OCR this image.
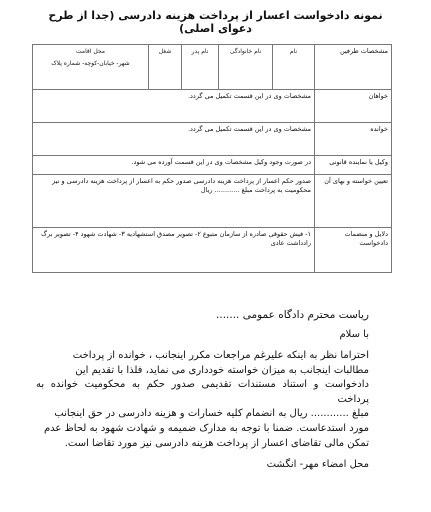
نمونه دادخواست اعسار از پرداخت هزینه دادرسی (جدا از طرح دعوای اصلی)
مشخصات طرفین	نام	نام خانوادگی	نام پدر	شغل	محل اقامت
شهر- خیابان-کوچه- شماره پلاک

خواهان	مشخصات وی در این قسمت تکمیل می گردد.				
خوانده	مشخصات وی در این قسمت تکمیل می گردد.				
وکیل یا نماینده قانونی	در صورت وجود وکیل مشخصات وی در این قسمت آورده می شود.				
تعیین خواسته و بهای آن	صدور حکم اعسار از پرداخت هزینه دادرسی صدور حکم به اعسار از پرداخت هزینه دادرسی و نیز محکومیت به پرداخت مبلغ ............ ریال				
دلایل و منضمات دادخواست	۱- فیش حقوقی صادره از سازمان متبوع ۲- تصویر مصدق استشهادیه ۳- شهادت شهود ۴- تصویر برگ رادداشت عادی				
ریاست محترم دادگاه عمومی .......
با سلام
احتراما نظر به اینکه علیرغم مراجعات مکرر اینجانب ، خوانده از پرداخت
مطالبات اینجانب به میزان خواسته خودداری می نماید، فلذا با تقدیم این
دادخواست و استناد مستندات تقدیمی صدور حکم به محکومیت خوانده به پرداخت
مبلغ ............ ریال به انضمام کلیه خسارات و هزینه دادرسی در حق اینجانب
مورد استدعاست. ضمنا با توجه به مدارک ضمیمه و شهادت شهود به لحاظ عدم
تمکن مالی تقاضای اعسار از پرداخت هزینه دادرسی نیز مورد تقاضا است.
محل امضاء مهر- انگشت
